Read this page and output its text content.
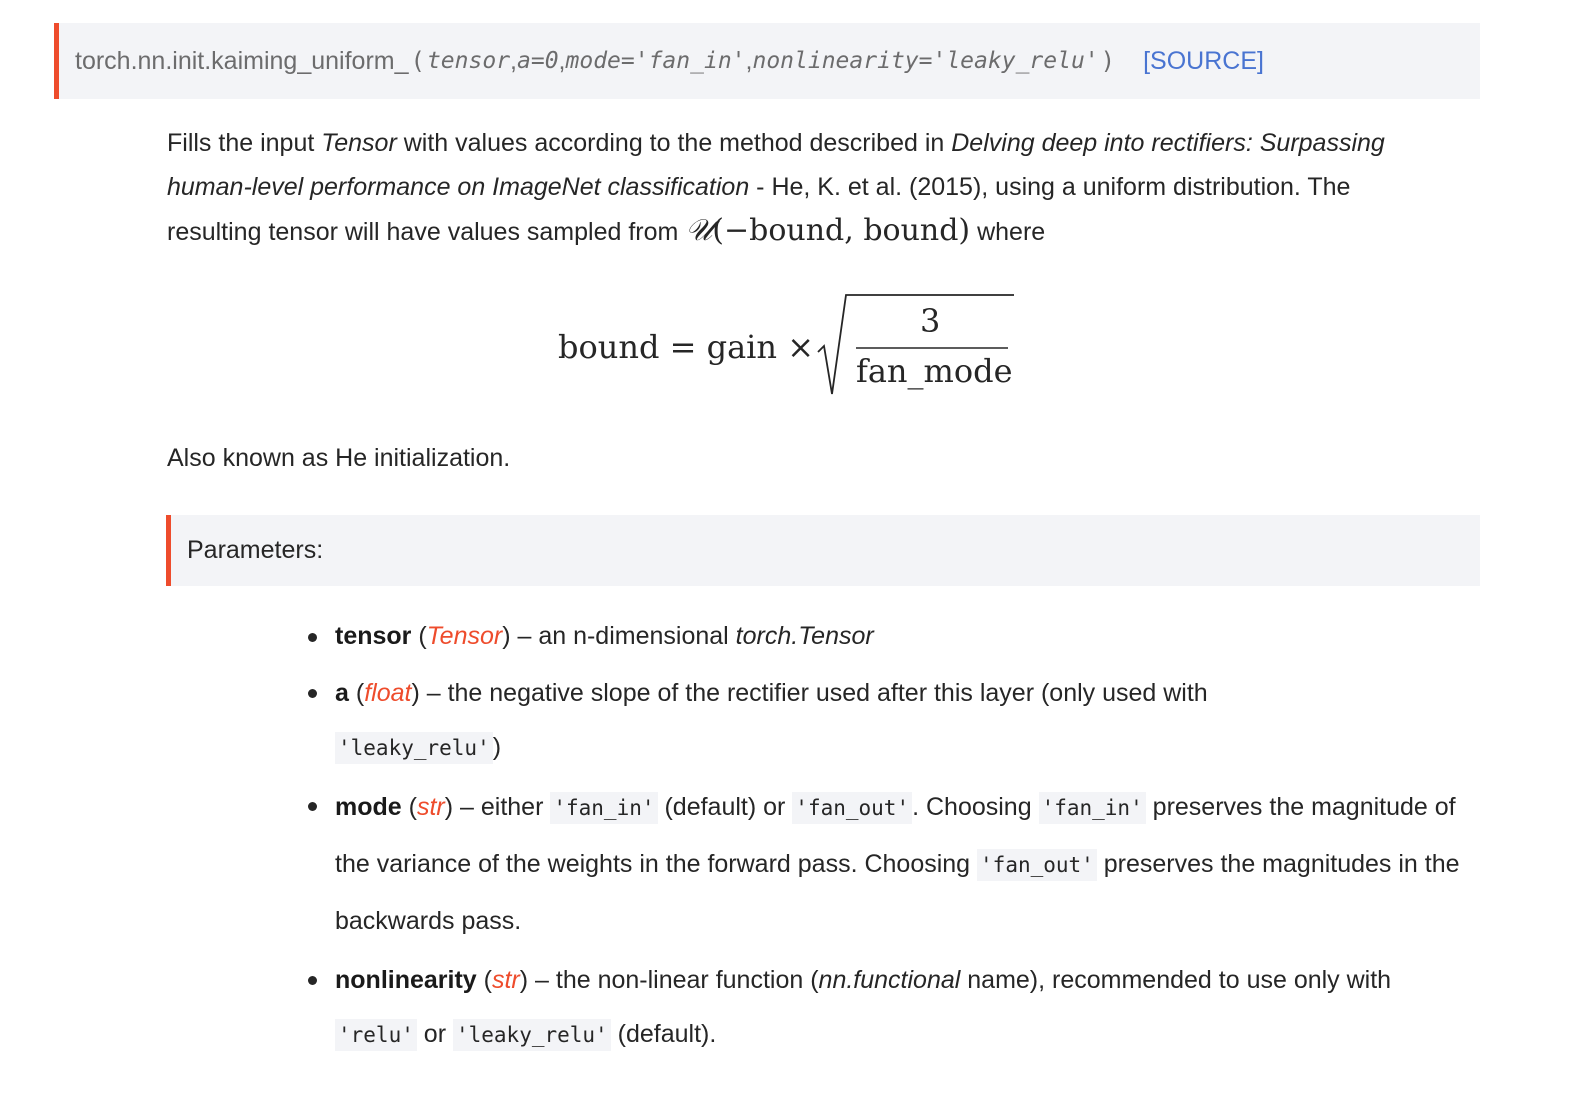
torch.nn.init.kaiming_uniform_ ( tensor , a=0 , mode='fan_in' , nonlinearity='leaky_relu' ) [SOURCE]
Fills the input Tensor with values according to the method described in Delving deep into rectifiers: Surpassing human-level performance on ImageNet classification - He, K. et al. (2015), using a uniform distribution. The resulting tensor will have values sampled from 𝒰(−bound, bound) where
bound = gain ×
3
fan_mode
Also known as He initialization.
Parameters:
tensor (Tensor) – an n-dimensional torch.Tensor
a (float) – the negative slope of the rectifier used after this layer (only used with
'leaky_relu' )
mode (str) – either 'fan_in' (default) or 'fan_out' . Choosing 'fan_in' preserves the magnitude of the variance of the weights in the forward pass. Choosing 'fan_out' preserves the magnitudes in the backwards pass.
nonlinearity (str) – the non-linear function (nn.functional name), recommended to use only with 'relu' or 'leaky_relu' (default).
